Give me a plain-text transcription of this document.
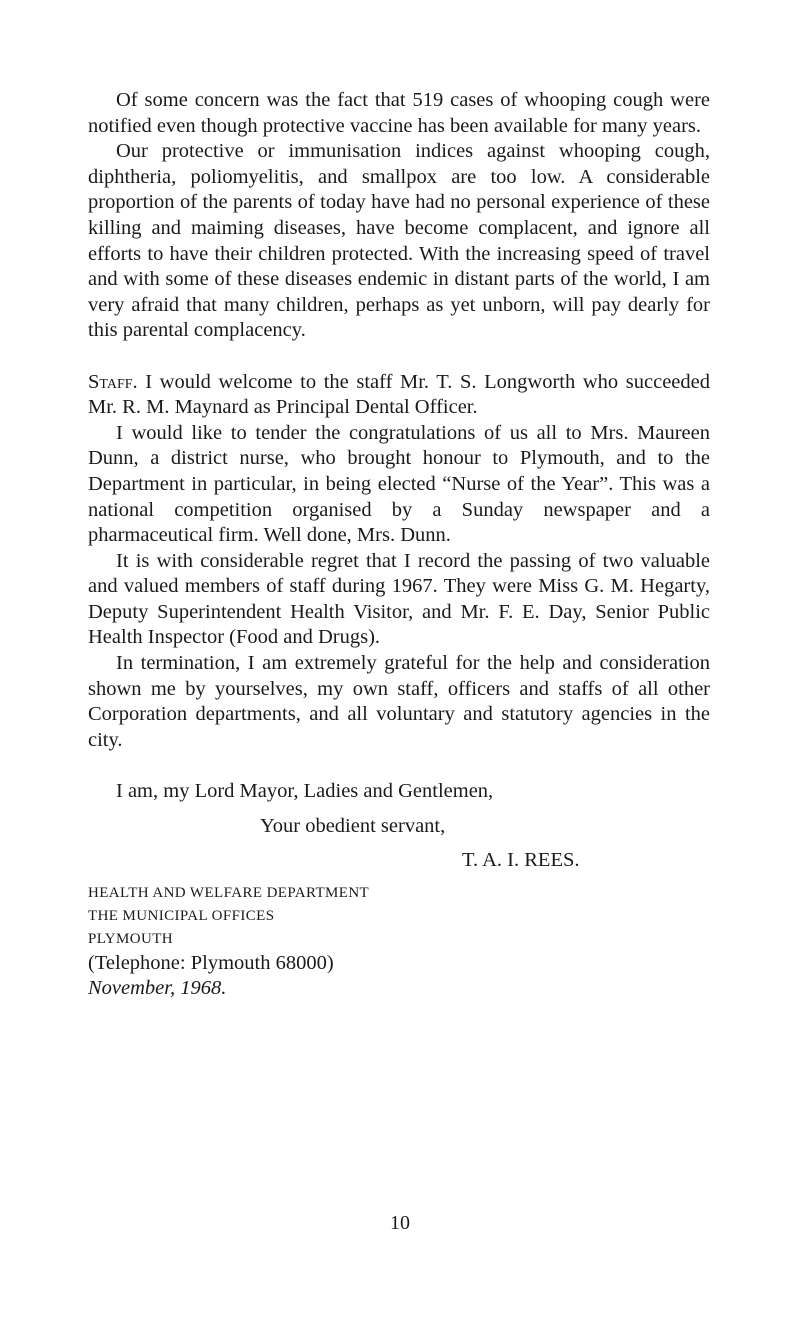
Of some concern was the fact that 519 cases of whooping cough were notified even though protective vaccine has been available for many years.

Our protective or immunisation indices against whooping cough, diphtheria, poliomyelitis, and smallpox are too low. A considerable proportion of the parents of today have had no personal experience of these killing and maiming diseases, have become complacent, and ignore all efforts to have their children protected. With the increasing speed of travel and with some of these diseases endemic in distant parts of the world, I am very afraid that many children, perhaps as yet unborn, will pay dearly for this parental complacency.

Staff. I would welcome to the staff Mr. T. S. Longworth who succeeded Mr. R. M. Maynard as Principal Dental Officer.

I would like to tender the congratulations of us all to Mrs. Maureen Dunn, a district nurse, who brought honour to Plymouth, and to the Department in particular, in being elected “Nurse of the Year”. This was a national competition organised by a Sunday newspaper and a pharmaceutical firm. Well done, Mrs. Dunn.

It is with considerable regret that I record the passing of two valuable and valued members of staff during 1967. They were Miss G. M. Hegarty, Deputy Superintendent Health Visitor, and Mr. F. E. Day, Senior Public Health Inspector (Food and Drugs).

In termination, I am extremely grateful for the help and consideration shown me by yourselves, my own staff, officers and staffs of all other Corporation departments, and all voluntary and statutory agencies in the city.

I am, my Lord Mayor, Ladies and Gentlemen,

Your obedient servant,

T. A. I. REES.

HEALTH AND WELFARE DEPARTMENT
THE MUNICIPAL OFFICES
PLYMOUTH
(Telephone: Plymouth 68000)
November, 1968.
10
